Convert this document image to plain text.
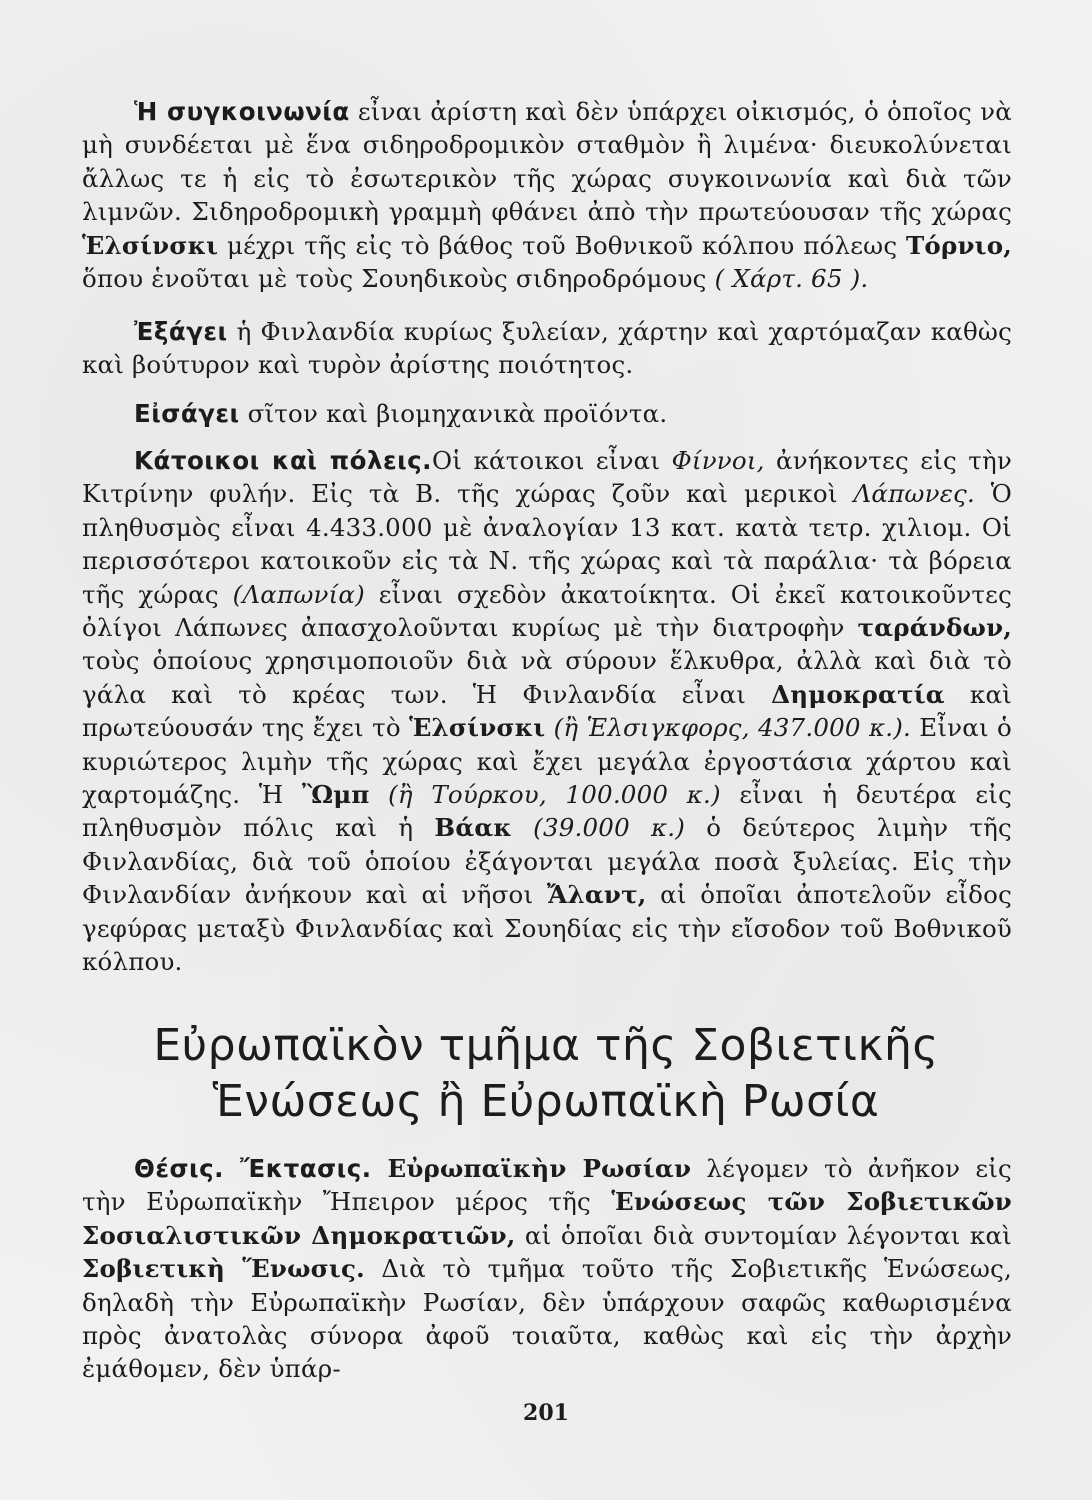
Ἡ συγκοινωνία εἶναι ἀρίστη καὶ δὲν ὑπάρχει οἰκισμός, ὁ ὁποῖος νὰ μὴ συνδέεται μὲ ἕνα σιδηροδρομικὸν σταθμὸν ἢ λιμένα· διευκολύνεται ἄλλως τε ἡ εἰς τὸ ἐσωτερικὸν τῆς χώρας συγκοινωνία καὶ διὰ τῶν λιμνῶν. Σιδηροδρομικὴ γραμμὴ φθάνει ἀπὸ τὴν πρωτεύουσαν τῆς χώρας Ἑλσίνσκι μέχρι τῆς εἰς τὸ βάθος τοῦ Βοθνικοῦ κόλπου πόλεως Τόρνιο, ὅπου ἑνοῦται μὲ τοὺς Σουηδικοὺς σιδηροδρόμους ( Χάρτ. 65 ).

Ἐξάγει ἡ Φινλανδία κυρίως ξυλείαν, χάρτην καὶ χαρτόμαζαν καθὼς καὶ βούτυρον καὶ τυρὸν ἀρίστης ποιότητος.

Εἰσάγει σῖτον καὶ βιομηχανικὰ προϊόντα.

Κάτοικοι καὶ πόλεις.Οἱ κάτοικοι εἶναι Φίννοι, ἀνήκοντες εἰς τὴν Κιτρίνην φυλήν. Εἰς τὰ Β. τῆς χώρας ζοῦν καὶ μερικοὶ Λάπωνες. Ὁ πληθυσμὸς εἶναι 4.433.000 μὲ ἀναλογίαν 13 κατ. κατὰ τετρ. χιλιομ. Οἱ περισσότεροι κατοικοῦν εἰς τὰ Ν. τῆς χώρας καὶ τὰ παράλια· τὰ βόρεια τῆς χώρας (Λαπωνία) εἶναι σχεδὸν ἀκατοίκητα. Οἱ ἐκεῖ κατοικοῦντες ὀλίγοι Λάπωνες ἀπασχολοῦνται κυρίως μὲ τὴν διατροφὴν ταράνδων, τοὺς ὁποίους χρησιμοποιοῦν διὰ νὰ σύρουν ἕλκυθρα, ἀλλὰ καὶ διὰ τὸ γάλα καὶ τὸ κρέας των. Ἡ Φινλανδία εἶναι Δημοκρατία καὶ πρωτεύουσάν της ἔχει τὸ Ἑλσίνσκι (ἢ Ἑλσιγκφορς, 437.000 κ.). Εἶναι ὁ κυριώτερος λιμὴν τῆς χώρας καὶ ἔχει μεγάλα ἐργοστάσια χάρτου καὶ χαρτομάζης. Ἡ Ὢμπ (ἢ Τούρκου, 100.000 κ.) εἶναι ἡ δευτέρα εἰς πληθυσμὸν πόλις καὶ ἡ Βάακ (39.000 κ.) ὁ δεύτερος λιμὴν τῆς Φινλανδίας, διὰ τοῦ ὁποίου ἐξάγονται μεγάλα ποσὰ ξυλείας. Εἰς τὴν Φινλανδίαν ἀνήκουν καὶ αἱ νῆσοι Ἄλαντ, αἱ ὁποῖαι ἀποτελοῦν εἶδος γεφύρας μεταξὺ Φινλανδίας καὶ Σουηδίας εἰς τὴν εἴσοδον τοῦ Βοθνικοῦ κόλπου.

Εὐρωπαϊκὸν τμῆμα τῆς Σοβιετικῆς
Ἑνώσεως ἢ Εὐρωπαϊκὴ Ρωσία

Θέσις. Ἔκτασις. Εὐρωπαϊκὴν Ρωσίαν λέγομεν τὸ ἀνῆκον εἰς τὴν Εὐρωπαϊκὴν Ἤπειρον μέρος τῆς Ἑνώσεως τῶν Σοβιετικῶν Σοσιαλιστικῶν Δημοκρατιῶν, αἱ ὁποῖαι διὰ συντομίαν λέγονται καὶ Σοβιετικὴ Ἕνωσις. Διὰ τὸ τμῆμα τοῦτο τῆς Σοβιετικῆς Ἑνώσεως, δηλαδὴ τὴν Εὐρωπαϊκὴν Ρωσίαν, δὲν ὑπάρχουν σαφῶς καθωρισμένα πρὸς ἀνατολὰς σύνορα ἀφοῦ τοιαῦτα, καθὼς καὶ εἰς τὴν ἀρχὴν ἐμάθομεν, δὲν ὑπάρ-

201
